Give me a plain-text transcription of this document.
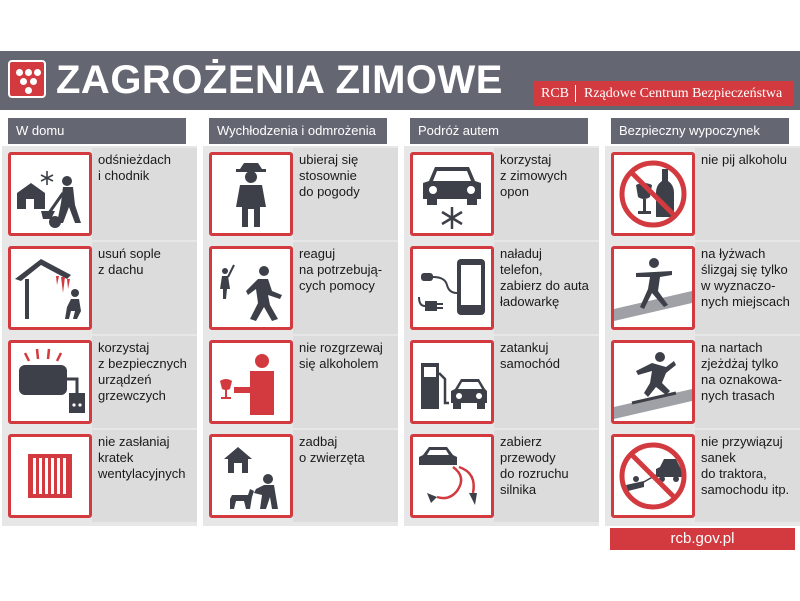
ZAGROŻENIA ZIMOWE	RCB	Rządowe Centrum Bezpieczeństwa
W domu
odśnieżdach
i chodnik
usuń sople
z dachu
korzystaj
z bezpiecznych
urządzeń
grzewczych
nie zasłaniaj
kratek
wentylacyjnych
Wychłodzenia i odmrożenia
ubieraj się
stosownie
do pogody
reaguj
na potrzebują-
cych pomocy
nie rozgrzewaj
się alkoholem
zadbaj
o zwierzęta
Podróż autem
korzystaj
z zimowych
opon
naładuj
telefon,
zabierz do auta
ładowarkę
zatankuj
samochód
zabierz
przewody
do rozruchu
silnika
Bezpieczny wypoczynek
nie pij alkoholu
na łyżwach
ślizgaj się tylko
w wyznaczo-
nych miejscach
na nartach
zjeżdżaj tylko
na oznakowa-
nych trasach
nie przywiązuj
sanek
do traktora,
samochodu itp.
rcb.gov.pl
